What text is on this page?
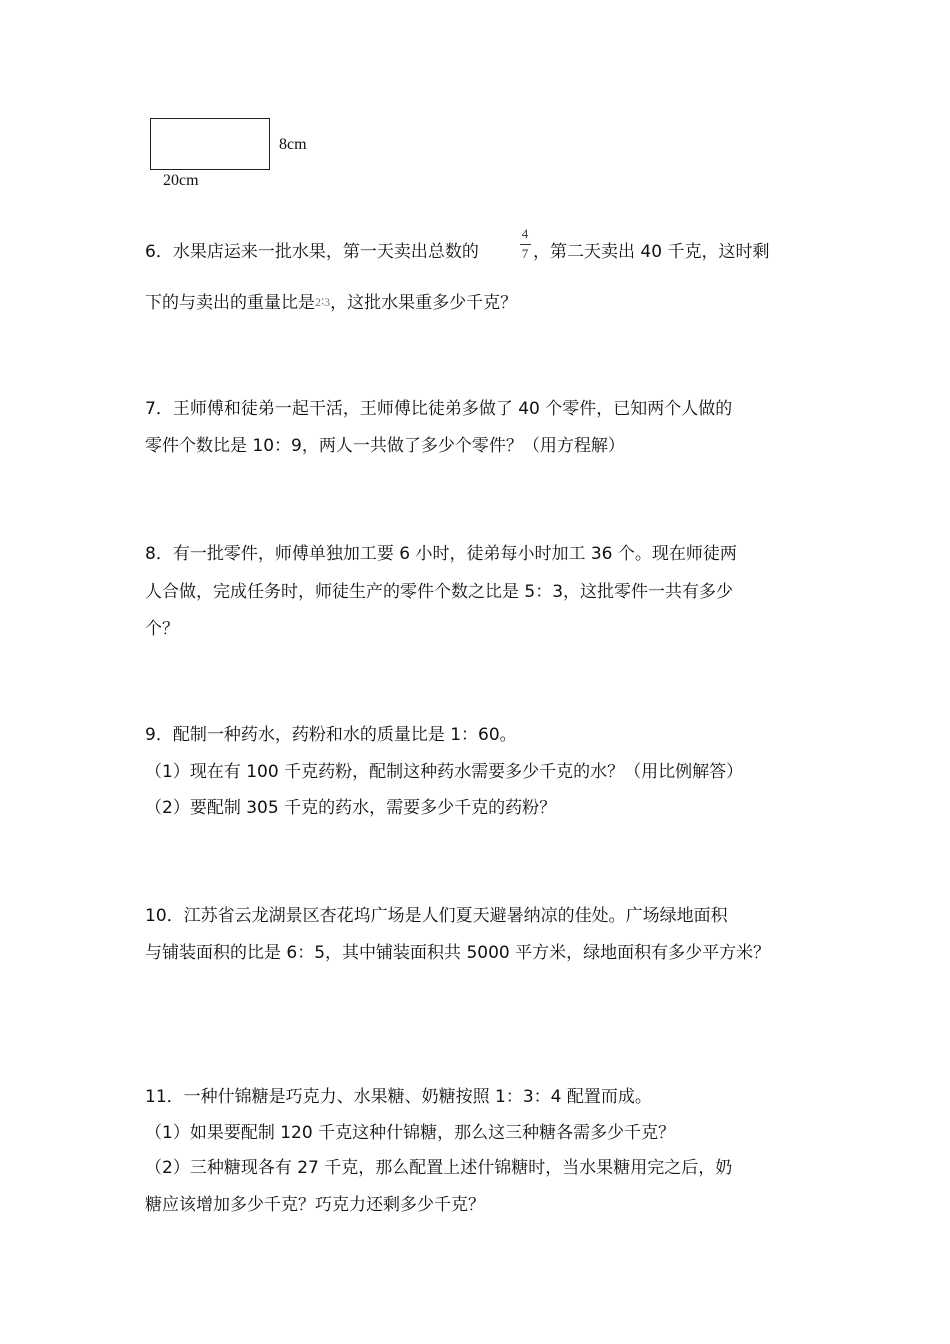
8cm
20cm
6．水果店运来一批水果，第一天卖出总数的
4
7 ，第二天卖出 40 千克，这时剩
下的与卖出的重量比是2∶3，这批水果重多少千克？
7．王师傅和徒弟一起干活，王师傅比徒弟多做了 40 个零件，已知两个人做的
零件个数比是 10：9，两人一共做了多少个零件？（用方程解）
8．有一批零件，师傅单独加工要 6 小时，徒弟每小时加工 36 个。现在师徒两
人合做，完成任务时，师徒生产的零件个数之比是 5：3，这批零件一共有多少
个？
9．配制一种药水，药粉和水的质量比是 1：60。
（1）现在有 100 千克药粉，配制这种药水需要多少千克的水？（用比例解答）
（2）要配制 305 千克的药水，需要多少千克的药粉？
10．江苏省云龙湖景区杏花坞广场是人们夏天避暑纳凉的佳处。广场绿地面积
与铺装面积的比是 6：5，其中铺装面积共 5000 平方米，绿地面积有多少平方米？
11．一种什锦糖是巧克力、水果糖、奶糖按照 1：3：4 配置而成。
（1）如果要配制 120 千克这种什锦糖，那么这三种糖各需多少千克？
（2）三种糖现各有 27 千克，那么配置上述什锦糖时，当水果糖用完之后，奶
糖应该增加多少千克？巧克力还剩多少千克？
